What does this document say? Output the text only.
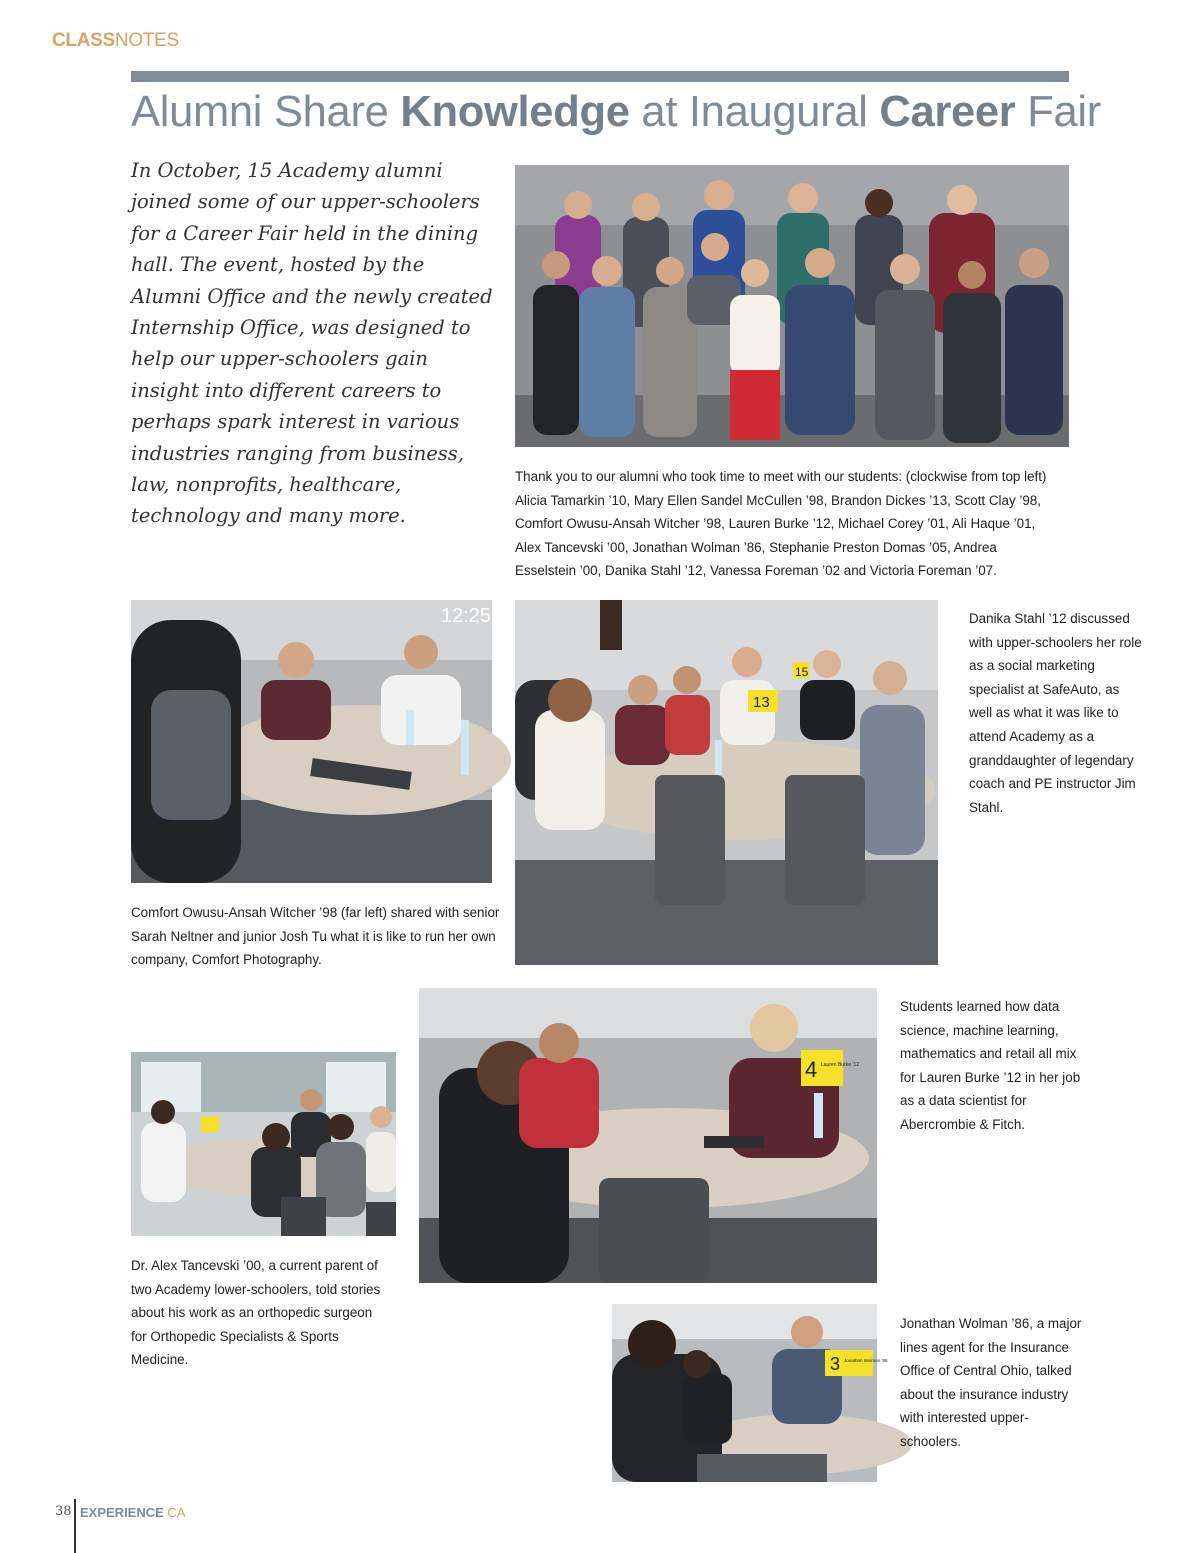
CLASSNOTES
Alumni Share Knowledge at Inaugural Career Fair

In October, 15 Academy alumni joined some of our upper-schoolers for a Career Fair held in the dining hall. The event, hosted by the Alumni Office and the newly created Internship Office, was designed to help our upper-schoolers gain insight into different careers to perhaps spark interest in various industries ranging from business, law, nonprofits, healthcare, technology and many more.

Thank you to our alumni who took time to meet with our students: (clockwise from top left) Alicia Tamarkin ’10, Mary Ellen Sandel McCullen ’98, Brandon Dickes ’13, Scott Clay ’98, Comfort Owusu-Ansah Witcher ’98, Lauren Burke ’12, Michael Corey ’01, Ali Haque ’01, Alex Tancevski ’00, Jonathan Wolman ’86, Stephanie Preston Domas ’05, Andrea Esselstein ’00, Danika Stahl ’12, Vanessa Foreman ’02 and Victoria Foreman ’07.

12:25

Comfort Owusu-Ansah Witcher ’98 (far left) shared with senior Sarah Neltner and junior Josh Tu what it is like to run her own company, Comfort Photography.

15
13

Danika Stahl ’12 discussed with upper-schoolers her role as a social marketing specialist at SafeAuto, as well as what it was like to attend Academy as a granddaughter of legendary coach and PE instructor Jim Stahl.

4 Lauren Burke ’12

Students learned how data science, machine learning, mathematics and retail all mix for Lauren Burke ’12 in her job as a data scientist for Abercrombie & Fitch.

Dr. Alex Tancevski ’00, a current parent of two Academy lower-schoolers, told stories about his work as an orthopedic surgeon for Orthopedic Specialists & Sports Medicine.	3 Jonathan Wolman ’86

Jonathan Wolman ’86, a major lines agent for the Insurance Office of Central Ohio, talked about the insurance industry with interested upper-schoolers.

38 EXPERIENCE CA
